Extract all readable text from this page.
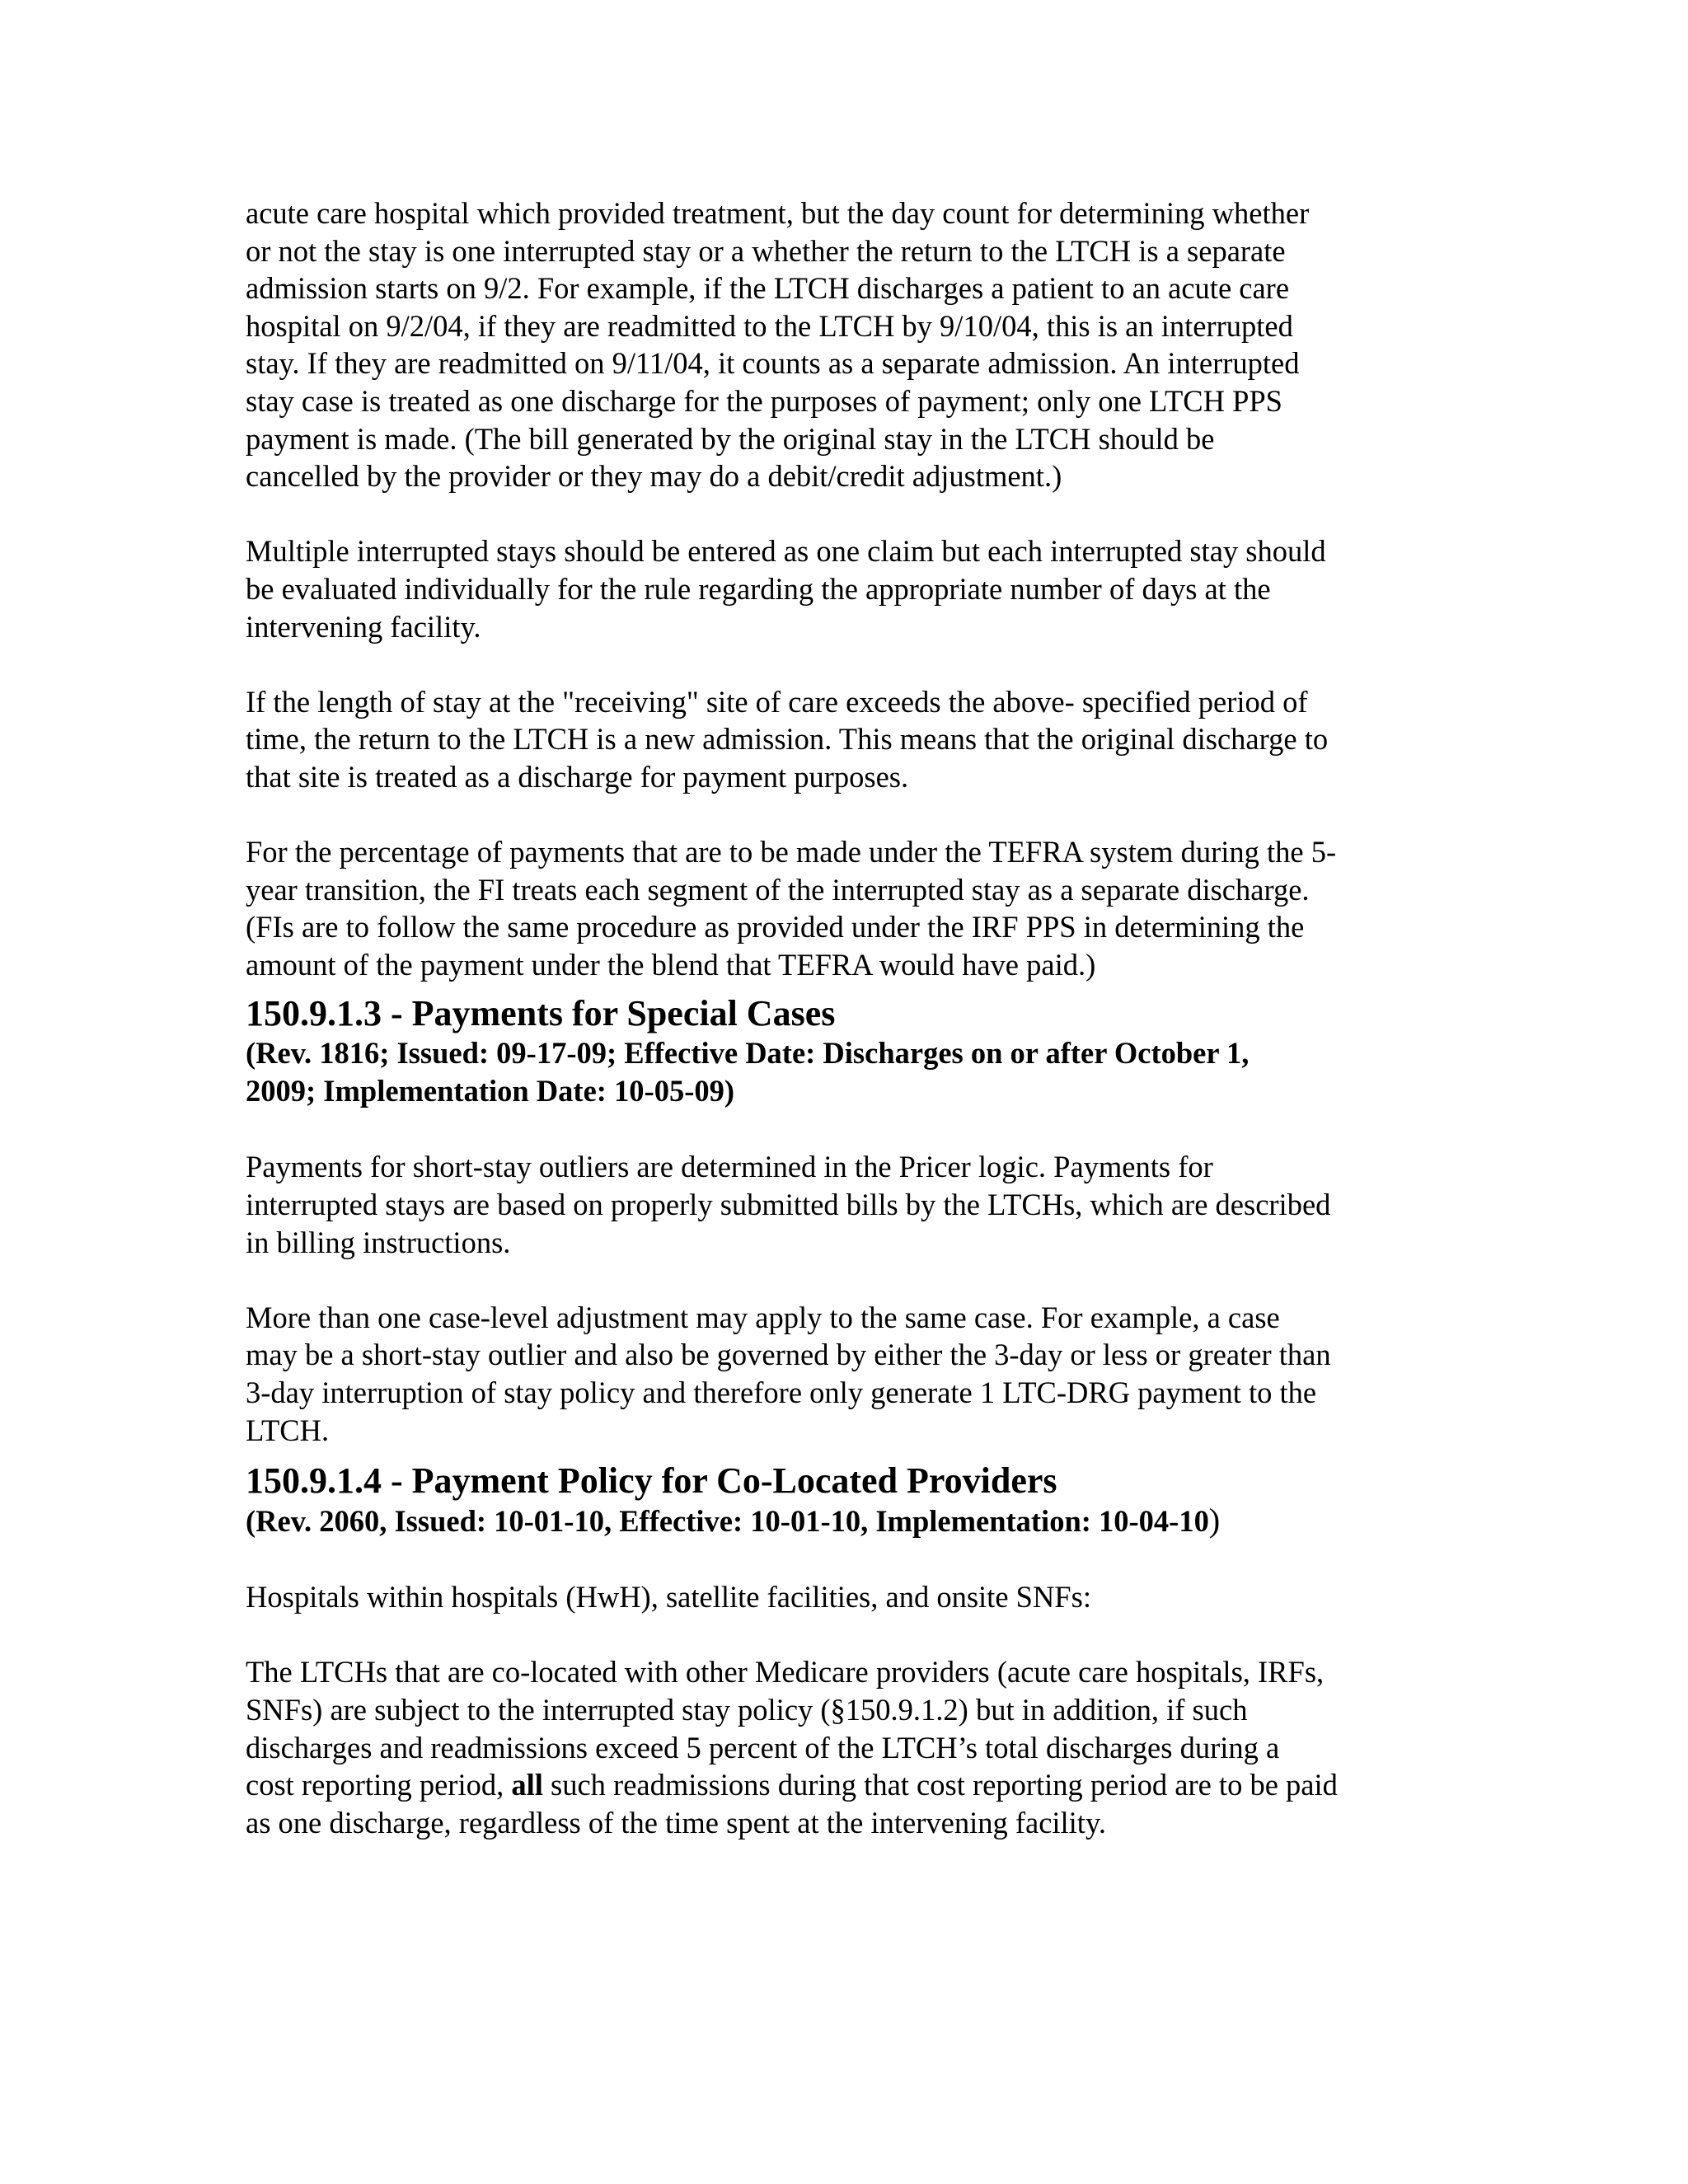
acute care hospital which provided treatment, but the day count for determining whether
or not the stay is one interrupted stay or a whether the return to the LTCH is a separate
admission starts on 9/2. For example, if the LTCH discharges a patient to an acute care
hospital on 9/2/04, if they are readmitted to the LTCH by 9/10/04, this is an interrupted
stay. If they are readmitted on 9/11/04, it counts as a separate admission. An interrupted
stay case is treated as one discharge for the purposes of payment; only one LTCH PPS
payment is made. (The bill generated by the original stay in the LTCH should be
cancelled by the provider or they may do a debit/credit adjustment.)

Multiple interrupted stays should be entered as one claim but each interrupted stay should
be evaluated individually for the rule regarding the appropriate number of days at the
intervening facility.

If the length of stay at the "receiving" site of care exceeds the above- specified period of
time, the return to the LTCH is a new admission. This means that the original discharge to
that site is treated as a discharge for payment purposes.

For the percentage of payments that are to be made under the TEFRA system during the 5-
year transition, the FI treats each segment of the interrupted stay as a separate discharge.
(FIs are to follow the same procedure as provided under the IRF PPS in determining the
amount of the payment under the blend that TEFRA would have paid.)

150.9.1.3 - Payments for Special Cases

(Rev. 1816; Issued: 09-17-09; Effective Date: Discharges on or after October 1,
2009; Implementation Date: 10-05-09)

Payments for short-stay outliers are determined in the Pricer logic. Payments for
interrupted stays are based on properly submitted bills by the LTCHs, which are described
in billing instructions.

More than one case-level adjustment may apply to the same case. For example, a case
may be a short-stay outlier and also be governed by either the 3-day or less or greater than
3-day interruption of stay policy and therefore only generate 1 LTC-DRG payment to the
LTCH.

150.9.1.4 - Payment Policy for Co-Located Providers

(Rev. 2060, Issued: 10-01-10, Effective: 10-01-10, Implementation: 10-04-10)

Hospitals within hospitals (HwH), satellite facilities, and onsite SNFs:

The LTCHs that are co-located with other Medicare providers (acute care hospitals, IRFs,
SNFs) are subject to the interrupted stay policy (§150.9.1.2) but in addition, if such
discharges and readmissions exceed 5 percent of the LTCH’s total discharges during a
cost reporting period, all such readmissions during that cost reporting period are to be paid
as one discharge, regardless of the time spent at the intervening facility.
